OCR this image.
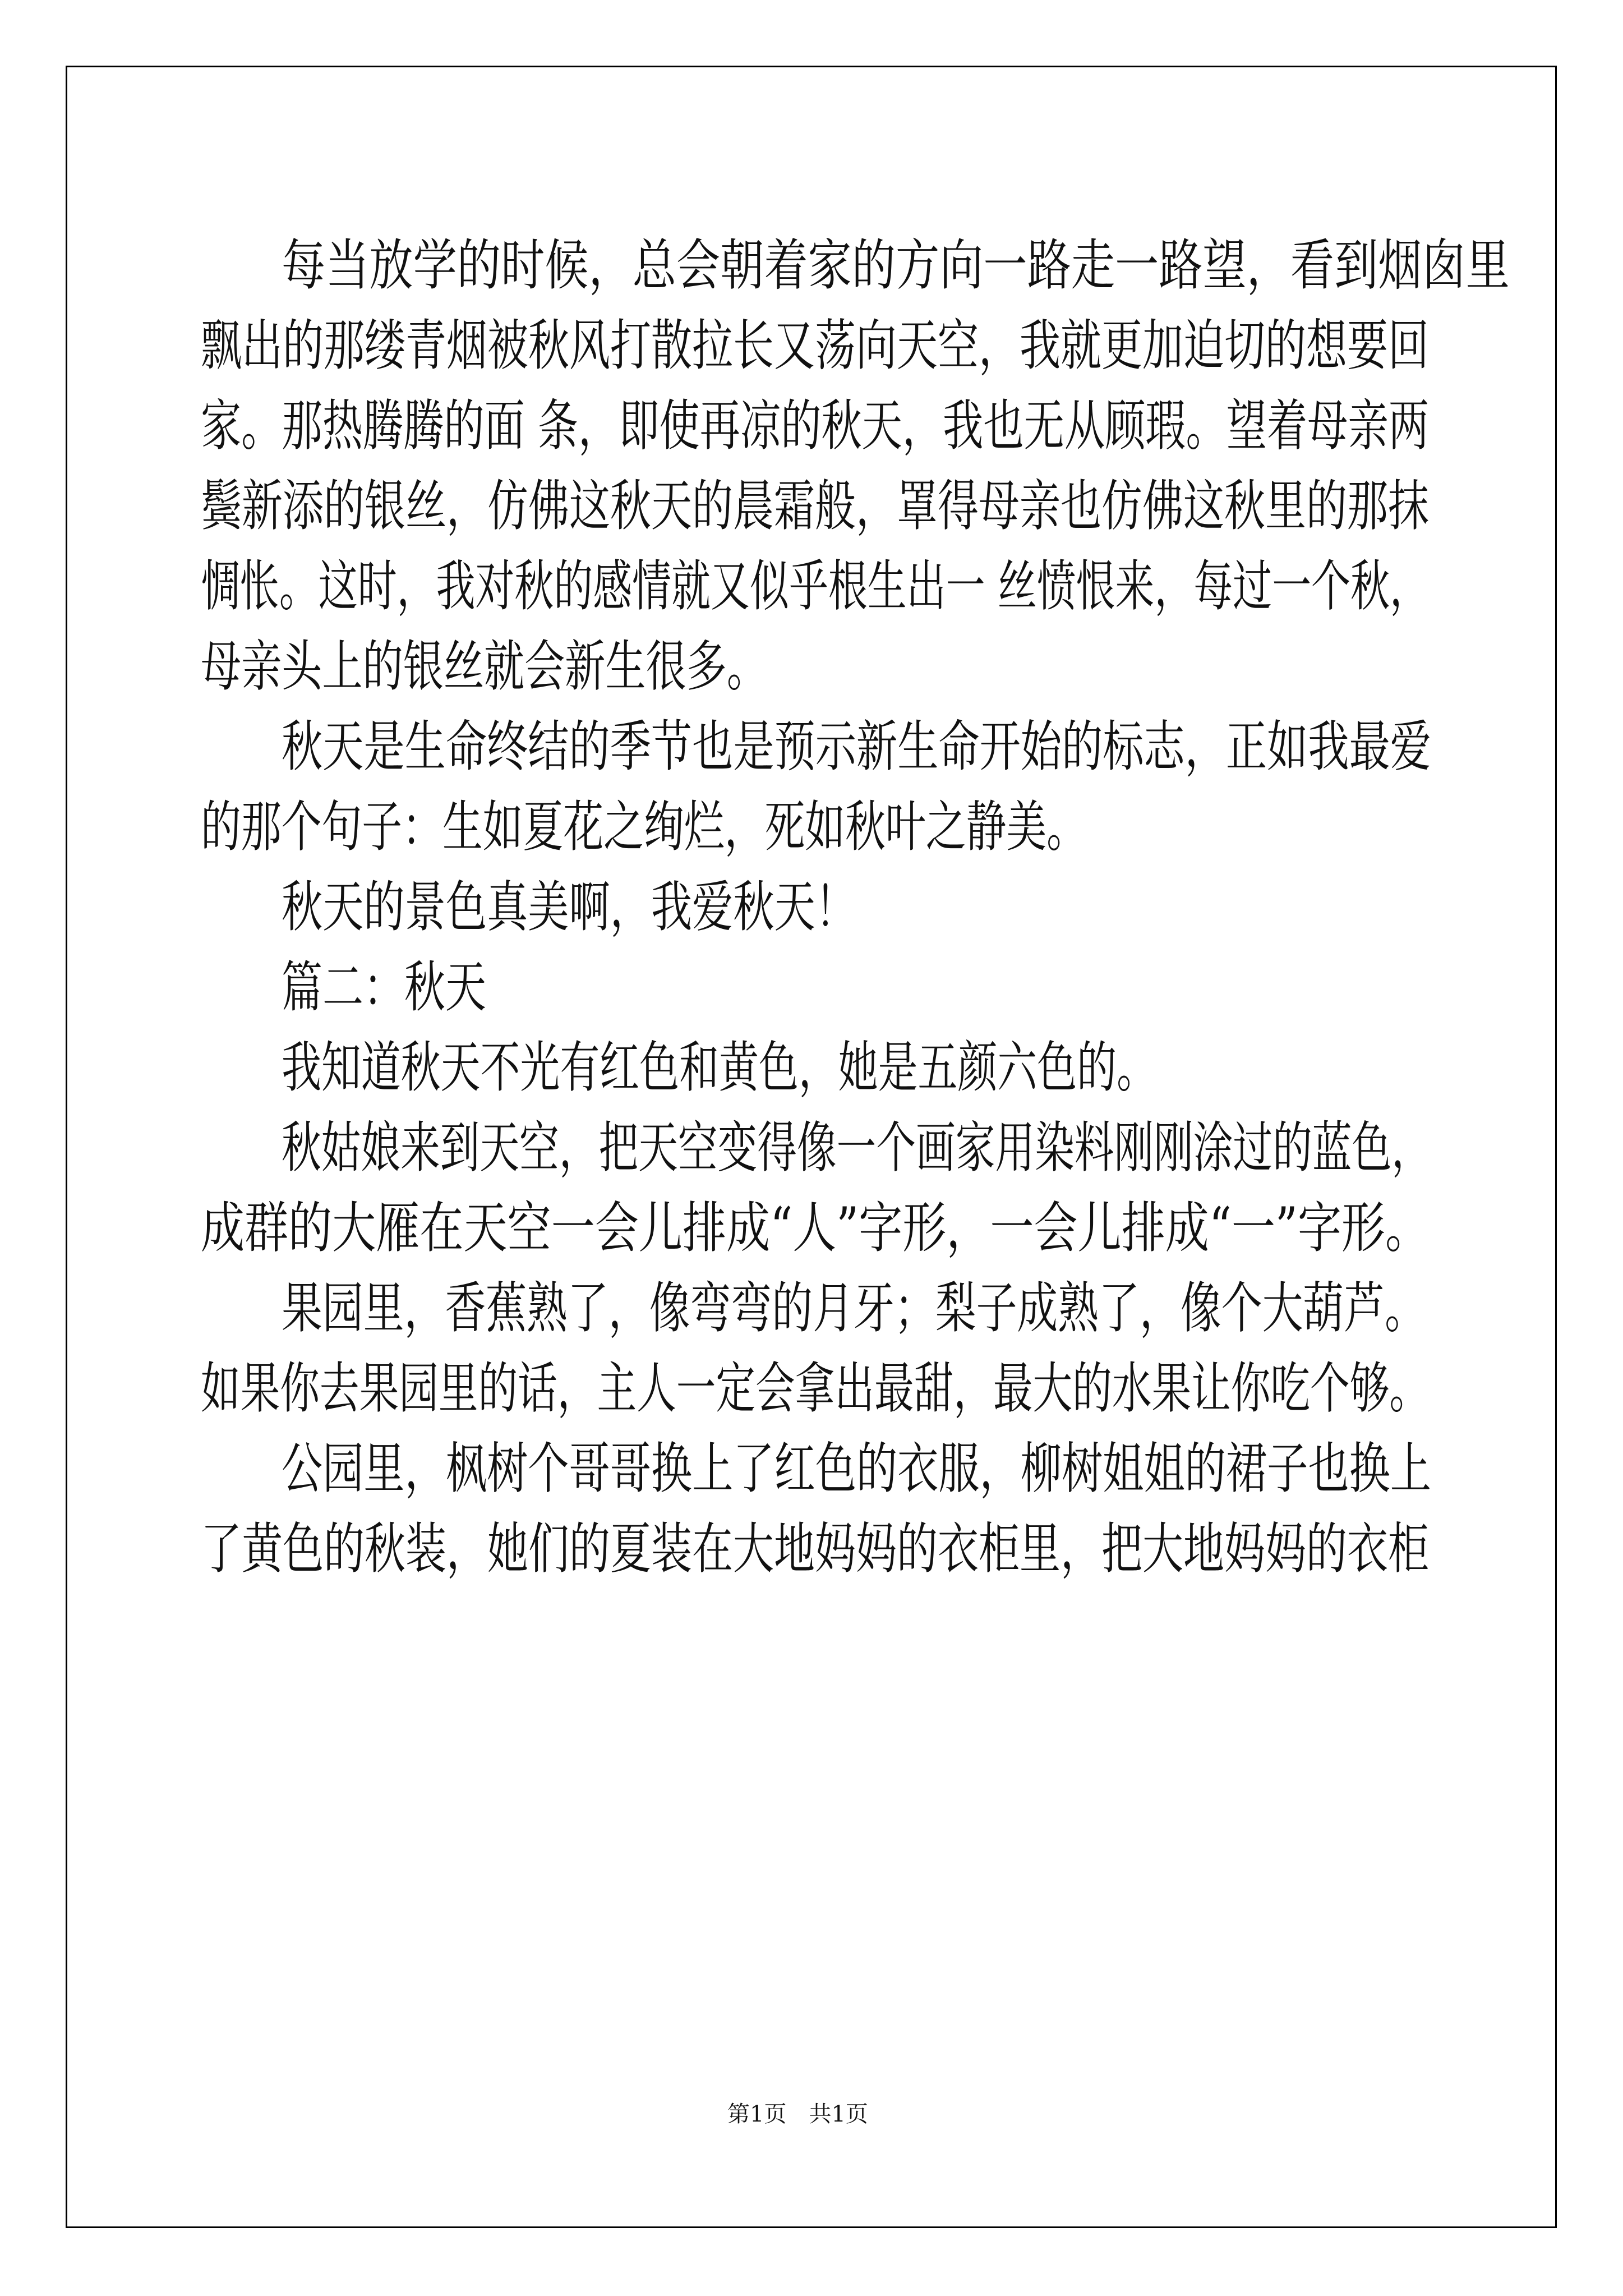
每当放学的时候，总会朝着家的方向一路走一路望，看到烟囱里
飘出的那缕青烟被秋风打散拉长又荡向天空，我就更加迫切的想要回
家。那热腾腾的面 条，即使再凉的秋天，我也无从顾瑕。望着母亲两
鬓新添的银丝，仿佛这秋天的晨霜般，罩得母亲也仿佛这秋里的那抹
惆怅。这时，我对秋的感情就又似乎根生出一 丝愤恨来，每过一个秋，
母亲头上的银丝就会新生很多。
秋天是生命终结的季节也是预示新生命开始的标志，正如我最爱
的那个句子：生如夏花之绚烂，死如秋叶之静美。
秋天的景色真美啊，我爱秋天！
篇二：秋天
我知道秋天不光有红色和黄色，她是五颜六色的。
秋姑娘来到天空，把天空变得像一个画家用染料刚刚涂过的蓝色，
成群的大雁在天空一会儿排成“人”字形，一会儿排成“一”字形。
果园里，香蕉熟了，像弯弯的月牙；梨子成熟了，像个大葫芦。
如果你去果园里的话，主人一定会拿出最甜，最大的水果让你吃个够。
公园里，枫树个哥哥换上了红色的衣服，柳树姐姐的裙子也换上
了黄色的秋装，她们的夏装在大地妈妈的衣柜里，把大地妈妈的衣柜
第1页　共1页
